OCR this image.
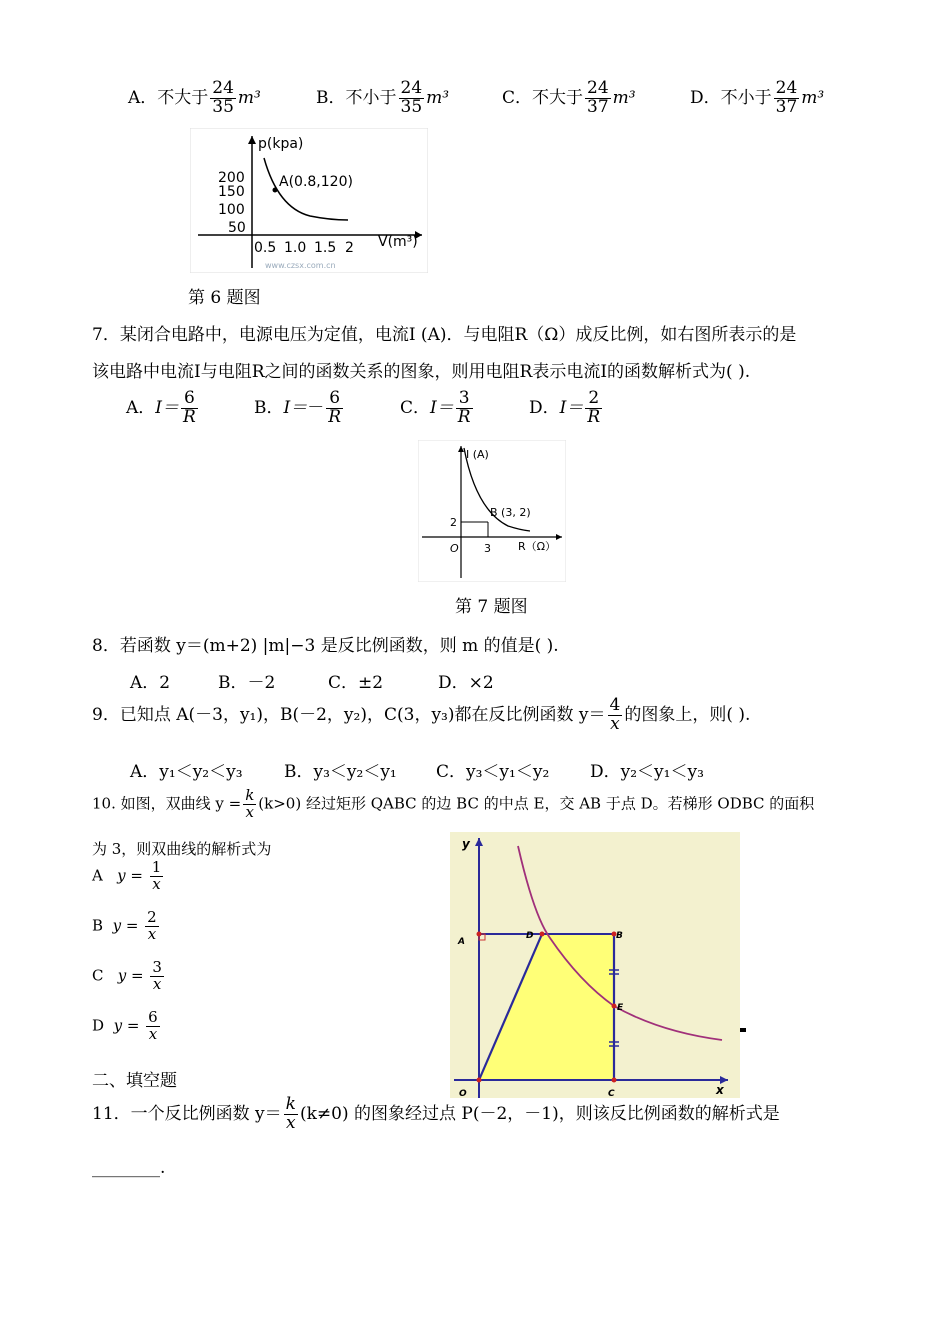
A．不大于 $\frac{24}{35} m^3$	B．不小于 $\frac{24}{35} m^3$	C．不大于 $\frac{24}{37} m^3$	D．不小于 $\frac{24}{37} m^3$
p(kpa)
200
150
100
50
0.5 1.0 1.5 2 V(m³)
A(0.8,120)
www.czsx.com.cn
第 6 题图
7．某闭合电路中，电源电压为定值，电流I (A)．与电阻R（Ω）成反比例，如右图所表示的是
该电路中电流I与电阻R之间的函数关系的图象，则用电阻R表示电流I的函数解析式为( ).
A．$I= \frac{6}{R}$	B．$I=- \frac{6}{R}$	C．$I= \frac{3}{R}$	D．$I= \frac{2}{R}$
I (A)
O
2
3 R（Ω）
B (3, 2)
第 7 题图
8．若函数 y＝(m+2) |m|−3 是反比例函数，则 m 的值是( ).
A．2	B．－2	C．±2	D．×2
9．已知点 A(－3，y₁)，B(－2，y₂)，C(3，y₃)都在反比例函数 $y= \frac{4}{x}$ 的图象上，则( ).
A．y₁＜y₂＜y₃ B．y₃＜y₂＜y₁ C．y₃＜y₁＜y₂ D．y₂＜y₁＜y₃
10. 如图，双曲线 $y = \frac{k}{x} (k>0)$ 经过矩形 QABC 的边 BC 的中点 E，交 AB 于点 D。若梯形 ODBC 的面积
为 3，则双曲线的解析式为
A $y = \frac{1}{x}$
B $y = \frac{2}{x}$
C $y = \frac{3}{x}$
D $y = \frac{6}{x}$
y
x
A
D	B
E
O	C
二、填空题
11．一个反比例函数 $y= \frac{k}{x} (k\ne 0)$ 的图象经过点 P(－2，－1)，则该反比例函数的解析式是
________.
